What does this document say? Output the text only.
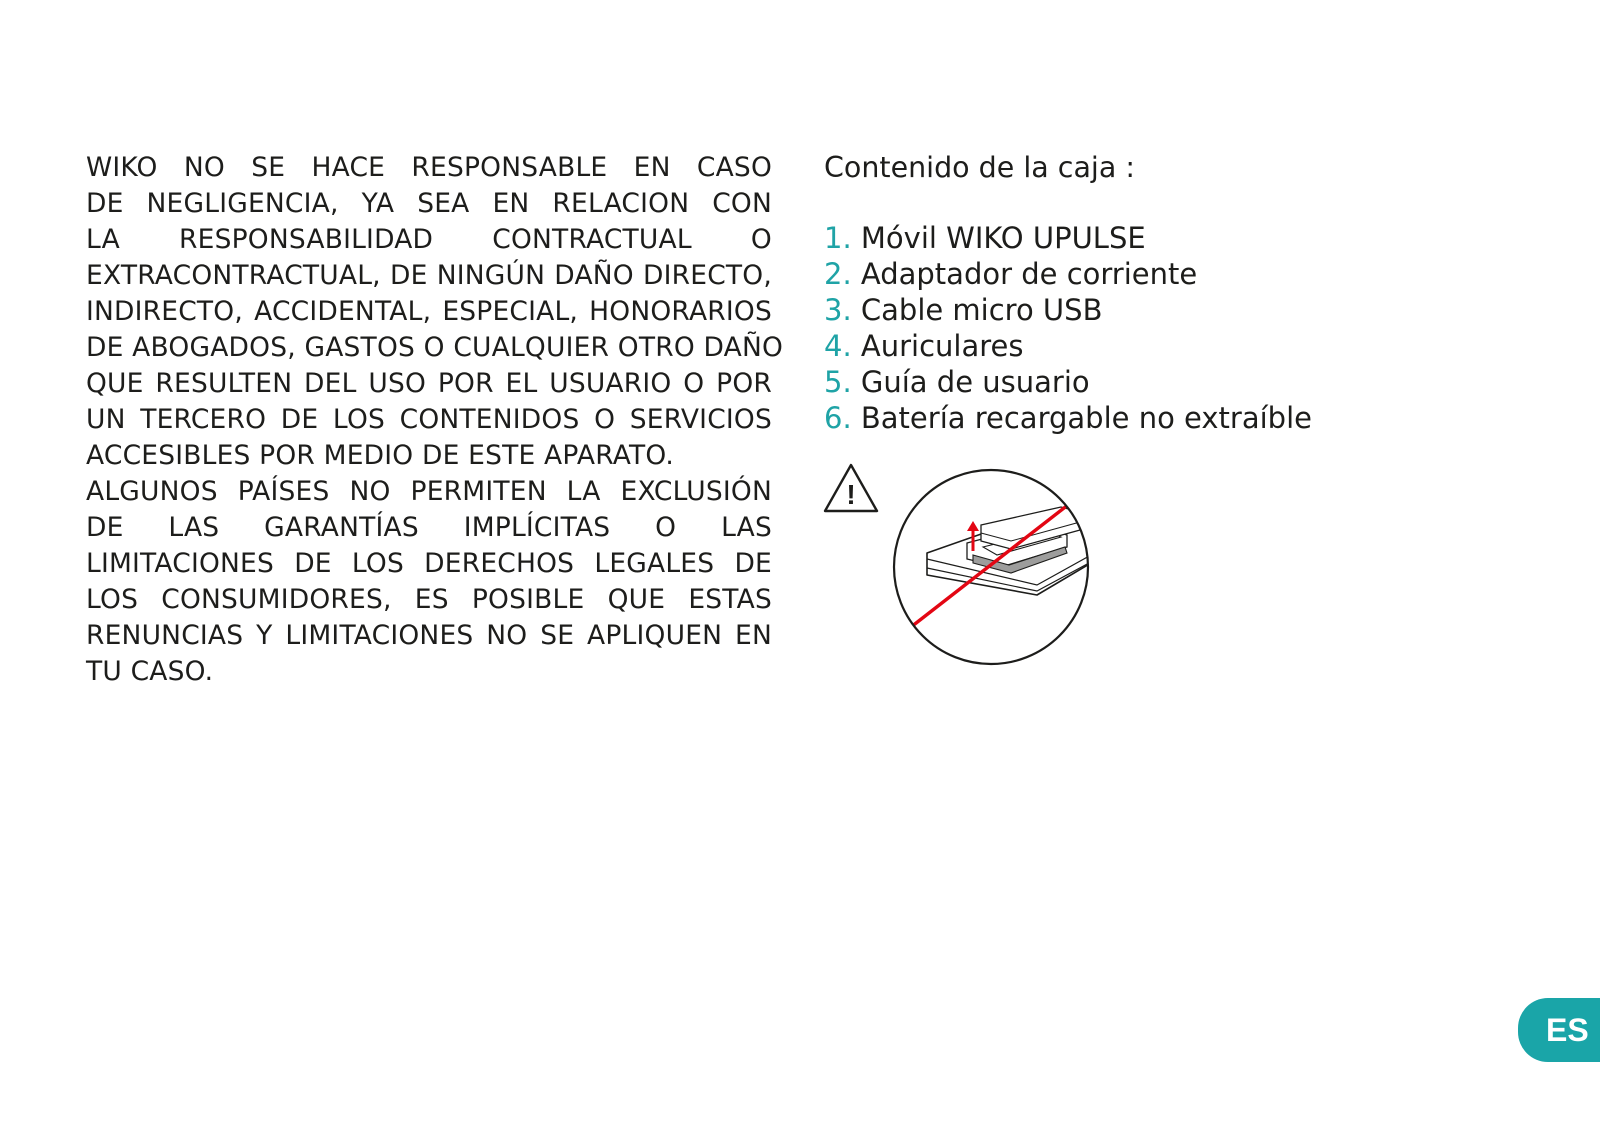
WIKO NO SE HACE RESPONSABLE EN CASO
DE NEGLIGENCIA, YA SEA EN RELACION CON
LA RESPONSABILIDAD CONTRACTUAL O
EXTRACONTRACTUAL, DE NINGÚN DAÑO DIRECTO,
INDIRECTO, ACCIDENTAL, ESPECIAL, HONORARIOS
DE ABOGADOS, GASTOS O CUALQUIER OTRO DAÑO
QUE RESULTEN DEL USO POR EL USUARIO O POR
UN TERCERO DE LOS CONTENIDOS O SERVICIOS
ACCESIBLES POR MEDIO DE ESTE APARATO.
ALGUNOS PAÍSES NO PERMITEN LA EXCLUSIÓN
DE LAS GARANTÍAS IMPLÍCITAS O LAS
LIMITACIONES DE LOS DERECHOS LEGALES DE
LOS CONSUMIDORES, ES POSIBLE QUE ESTAS
RENUNCIAS Y LIMITACIONES NO SE APLIQUEN EN
TU CASO.
Contenido de la caja :
1. Móvil WIKO UPULSE
2. Adaptador de corriente
3. Cable micro USB
4. Auriculares
5. Guía de usuario
6. Batería recargable no extraíble
!
ES
